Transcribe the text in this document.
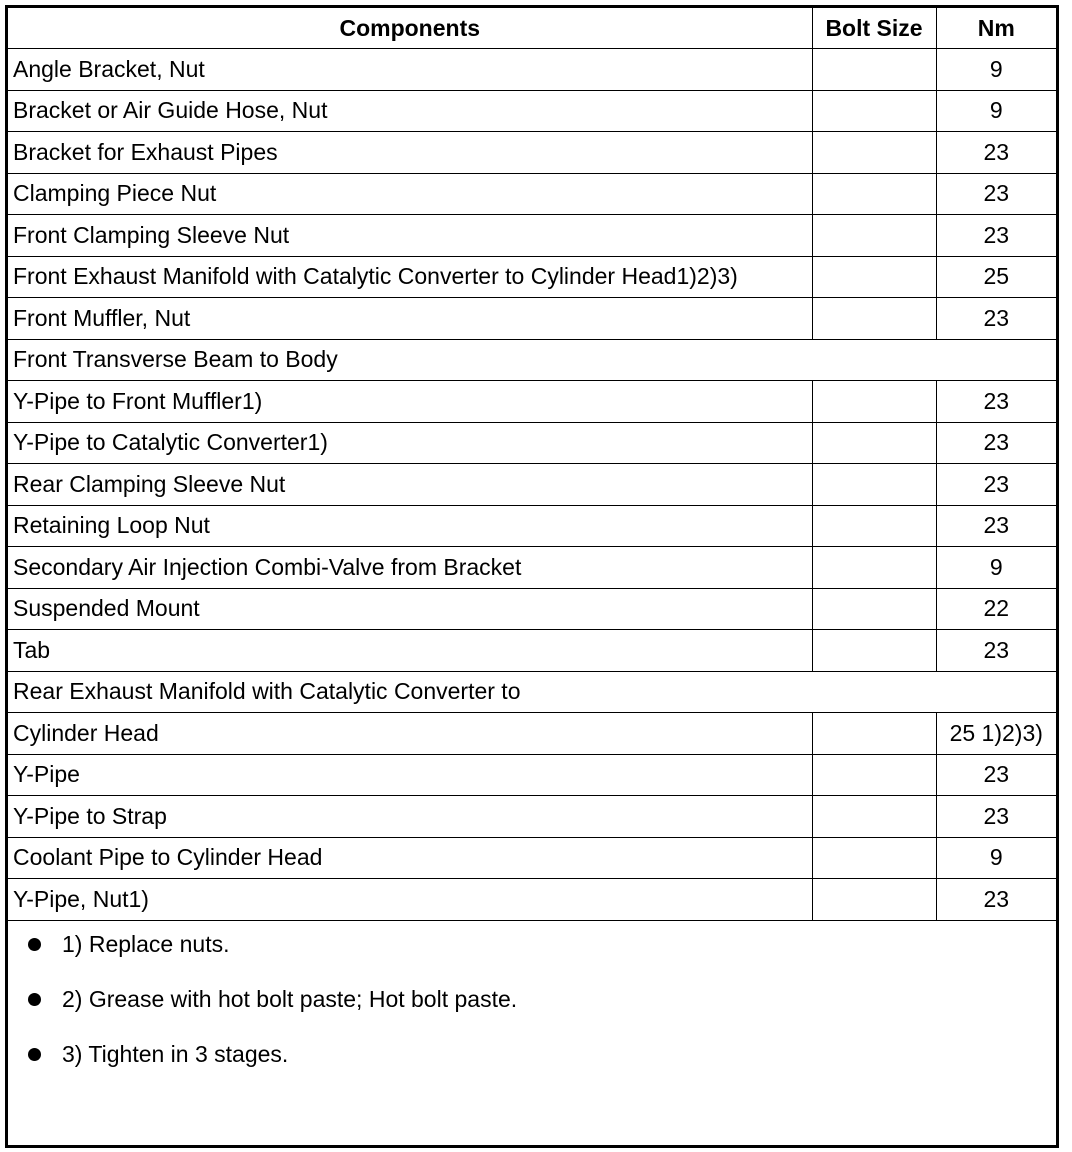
Components	Bolt Size	Nm
Angle Bracket, Nut		9
Bracket or Air Guide Hose, Nut		9
Bracket for Exhaust Pipes		23
Clamping Piece Nut		23
Front Clamping Sleeve Nut		23
Front Exhaust Manifold with Catalytic Converter to Cylinder Head1)2)3)		25
Front Muffler, Nut		23
Front Transverse Beam to Body		
Y-Pipe to Front Muffler1)		23
Y-Pipe to Catalytic Converter1)		23
Rear Clamping Sleeve Nut		23
Retaining Loop Nut		23
Secondary Air Injection Combi-Valve from Bracket		9
Suspended Mount		22
Tab		23
Rear Exhaust Manifold with Catalytic Converter to		
Cylinder Head		25 1)2)3)
Y-Pipe		23
Y-Pipe to Strap		23
Coolant Pipe to Cylinder Head		9
Y-Pipe, Nut1)		23
1) Replace nuts.
2) Grease with hot bolt paste; Hot bolt paste.
3) Tighten in 3 stages.
